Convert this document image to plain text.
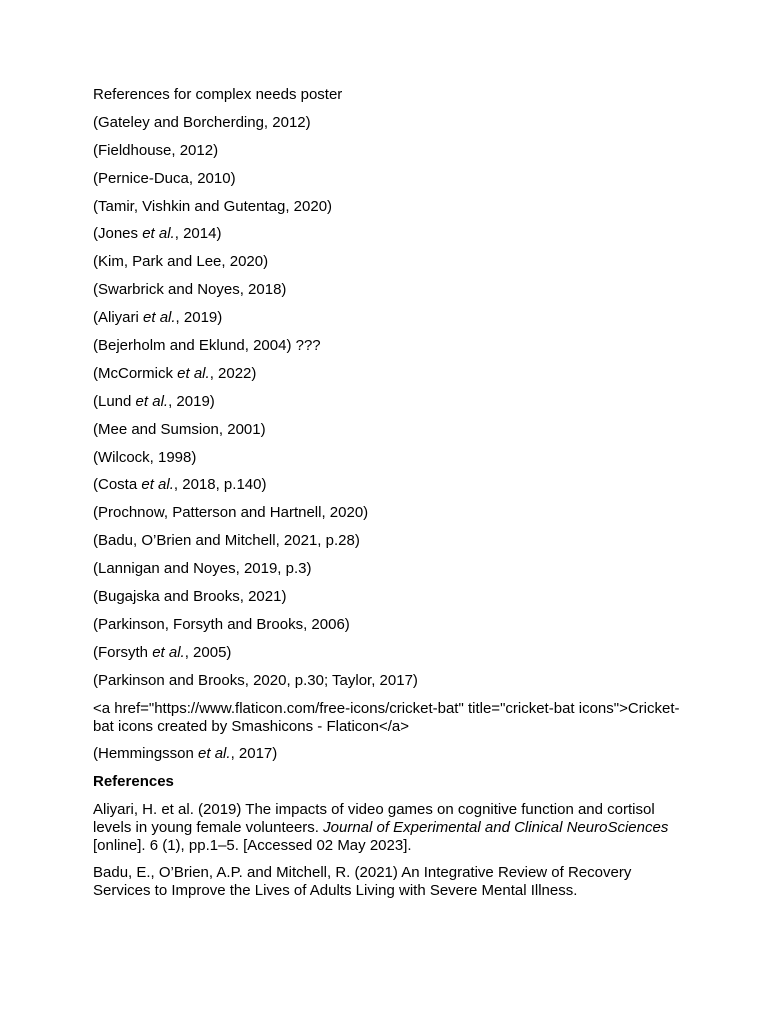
References for complex needs poster

(Gateley and Borcherding, 2012)

(Fieldhouse, 2012)

(Pernice-Duca, 2010)

(Tamir, Vishkin and Gutentag, 2020)

(Jones et al., 2014)

(Kim, Park and Lee, 2020)

(Swarbrick and Noyes, 2018)

(Aliyari et al., 2019)

(Bejerholm and Eklund, 2004) ???

(McCormick et al., 2022)

(Lund et al., 2019)

(Mee and Sumsion, 2001)

(Wilcock, 1998)

(Costa et al., 2018, p.140)

(Prochnow, Patterson and Hartnell, 2020)

(Badu, O’Brien and Mitchell, 2021, p.28)

(Lannigan and Noyes, 2019, p.3)

(Bugajska and Brooks, 2021)

(Parkinson, Forsyth and Brooks, 2006)

(Forsyth et al., 2005)

(Parkinson and Brooks, 2020, p.30; Taylor, 2017)

<a href="https://www.flaticon.com/free-icons/cricket-bat" title="cricket-bat icons">Cricket-bat icons created by Smashicons - Flaticon</a>

(Hemmingsson et al., 2017)

References

Aliyari, H. et al. (2019) The impacts of video games on cognitive function and cortisol levels in young female volunteers. Journal of Experimental and Clinical NeuroSciences [online]. 6 (1), pp.1–5. [Accessed 02 May 2023].

Badu, E., O’Brien, A.P. and Mitchell, R. (2021) An Integrative Review of Recovery Services to Improve the Lives of Adults Living with Severe Mental Illness.
